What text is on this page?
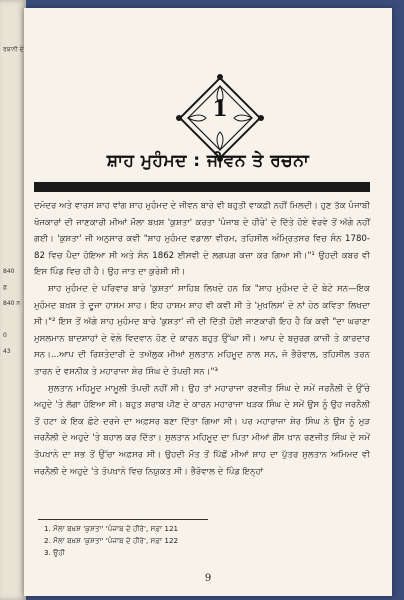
ਰਬਾਨੀ ਦੇ
840
ਫ਼
840 ਨ
0
43
1
ਸ਼ਾਹ ਮੁਹੰਮਦ : ਜੀਵਨ ਤੇ ਰਚਨਾ

ਦਮੋਦਰ ਅਤੇ ਵਾਰਸ ਸ਼ਾਹ ਵਾਂਗ ਸ਼ਾਹ ਮੁਹੰਮਦ ਦੇ ਜੀਵਨ ਬਾਰੇ ਵੀ ਬਹੁਤੀ ਵਾਕਫ਼ੀ ਨਹੀਂ ਮਿਲਦੀ। ਹੁਣ ਤੱਕ ਪੰਜਾਬੀ ਖੋਜਕਾਰਾਂ ਦੀ ਜਾਣਕਾਰੀ ਮੀਆਂ ਮੌਲਾ ਬਖ਼ਸ਼ 'ਕੁਸ਼ਤਾ' ਕਰਤਾ 'ਪੰਜਾਬ ਦੇ ਹੀਰੇ' ਦੇ ਦਿੱਤੇ ਹੋਏ ਵੇਰਵੇ ਤੋਂ ਅੱਗੇ ਨਹੀਂ ਗਈ। 'ਕੁਸ਼ਤਾ' ਜੀ ਅਨੁਸਾਰ ਕਵੀ "ਸ਼ਾਹ ਮੁਹੰਮਦ ਵਡਾਲਾ ਵੀਰਮ, ਤਹਿਸੀਲ ਅੰਮ੍ਰਿਤਸਰ ਵਿਚ ਸੰਨ 1780-82 ਵਿਚ ਪੈਦਾ ਹੋਇਆ ਸੀ ਅਤੇ ਸੰਨ 1862 ਈਸਵੀ ਦੇ ਲਗਪਗ ਕਜ਼ਾ ਕਰ ਗਿਆ ਸੀ।"¹ ਉਹਦੀ ਕਬਰ ਵੀ ਇਸ ਪਿੰਡ ਵਿਚ ਹੀ ਹੈ। ਉਹ ਜਾਤ ਦਾ ਕੁਰੇਸ਼ੀ ਸੀ।

ਸ਼ਾਹ ਮੁਹੰਮਦ ਦੇ ਪਰਿਵਾਰ ਬਾਰੇ 'ਕੁਸ਼ਤਾ' ਸਾਹਿਬ ਲਿਖਦੇ ਹਨ ਕਿ "ਸ਼ਾਹ ਮੁਹੰਮਦ ਦੇ ਦੋ ਬੇਟੇ ਸਨ—ਇਕ ਮੁਹੰਮਦ ਬਖ਼ਸ਼ ਤੇ ਦੂਜਾ ਹਾਸ਼ਮ ਸ਼ਾਹ। ਇਹ ਹਾਸ਼ਮ ਸ਼ਾਹ ਵੀ ਕਵੀ ਸੀ ਤੇ 'ਮੁਖ਼ਲਿਸ' ਦੇ ਨਾਂ ਹੇਠ ਕਵਿਤਾ ਲਿਖਦਾ ਸੀ।"² ਇਸ ਤੋਂ ਅੱਗੇ ਸ਼ਾਹ ਮੁਹੰਮਦ ਬਾਰੇ 'ਕੁਸ਼ਤਾ' ਜੀ ਦੀ ਦਿੱਤੀ ਹੋਈ ਜਾਣਕਾਰੀ ਇਹ ਹੈ ਕਿ ਕਵੀ "ਦਾ ਘਰਾਣਾ ਮੁਸਲਮਾਨ ਬਾਦਸ਼ਾਹਾਂ ਦੇ ਵੇਲੇ ਵਿਦਵਾਨ ਹੋਣ ਦੇ ਕਾਰਨ ਬਹੁਤ ਉੱਘਾ ਸੀ। ਆਪ ਦੇ ਬਜ਼ੁਰਗ ਕਾਜ਼ੀ ਤੇ ਕਾਰਦਾਰ ਸਨ।...ਆਪ ਦੀ ਰਿਸ਼ਤੇਦਾਰੀ ਦੇ ਤਅੱਲੁਕ ਮੀਆਂ ਸੁਲਤਾਨ ਮਹਿਮੂਦ ਨਾਲ ਸਨ, ਜੋ ਭੈਰੋਵਾਲ, ਤਹਿਸੀਲ ਤਰਨ ਤਾਰਨ ਦੇ ਵਸਨੀਕ ਤੇ ਮਹਾਰਾਜਾ ਸ਼ੇਰ ਸਿੰਘ ਦੇ ਤੋਪਚੀ ਸਨ।"³

ਸੁਲਤਾਨ ਮਹਿਮੂਦ ਮਾਮੂਲੀ ਤੋਪਚੀ ਨਹੀਂ ਸੀ। ਉਹ ਤਾਂ ਮਹਾਰਾਜਾ ਰਣਜੀਤ ਸਿੰਘ ਦੇ ਸਮੇਂ ਜਰਨੈਲੀ ਦੇ ਉੱਚੇ ਅਹੁਦੇ 'ਤੇ ਲੱਗਾ ਹੋਇਆ ਸੀ। ਬਹੁਤ ਸ਼ਰਾਬ ਪੀਣ ਦੇ ਕਾਰਨ ਮਹਾਰਾਜਾ ਖੜਕ ਸਿੰਘ ਦੇ ਸਮੇਂ ਉਸ ਨੂੰ ਉਹ ਜਰਨੈਲੀ ਤੋਂ ਹਟਾ ਕੇ ਇਕ ਛੋਟੇ ਦਰਜੇ ਦਾ ਅਫ਼ਸਰ ਬਣਾ ਦਿੱਤਾ ਗਿਆ ਸੀ। ਪਰ ਮਹਾਰਾਜਾ ਸ਼ੇਰ ਸਿੰਘ ਨੇ ਉਸ ਨੂੰ ਮੁੜ ਜਰਨੈਲੀ ਦੇ ਅਹੁਦੇ 'ਤੇ ਬਹਾਲ ਕਰ ਦਿੱਤਾ। ਸੁਲਤਾਨ ਮਹਿਮੂਦ ਦਾ ਪਿਤਾ ਮੀਆਂ ਗੌਂਸ ਖ਼ਾਨ ਰਣਜੀਤ ਸਿੰਘ ਦੇ ਸਮੇਂ ਤੋਪਖ਼ਾਨੇ ਦਾ ਸਭ ਤੋਂ ਉੱਚਾ ਅਫ਼ਸਰ ਸੀ। ਉਹਦੀ ਮੌਤ ਤੋਂ ਪਿੱਛੋਂ ਮੀਆਂ ਸ਼ਾਹ ਦਾ ਪੁੱਤਰ ਸੁਲਤਾਨ ਅਮਿਮਦ ਵੀ ਜਰਨੈਲੀ ਦੇ ਅਹੁਦੇ 'ਤੇ ਤੋਪਖ਼ਾਨੇ ਵਿਚ ਨਿਯੁਕਤ ਸੀ। ਭੈਰੋਵਾਲ ਦੇ ਪਿੰਡ ਇਨ੍ਹਾਂ

1. ਮੌਲਾ ਬਖ਼ਸ਼ 'ਕੁਸ਼ਤਾ' 'ਪੰਜਾਬ ਦੇ ਹੀਰੇ', ਸਫ਼ਾ 121
2. ਮੌਲਾ ਬਖ਼ਸ਼ 'ਕੁਸ਼ਤਾ' 'ਪੰਜਾਬ ਦੇ ਹੀਰੇ', ਸਫ਼ਾ 122
3. ਉਹੀ
9
